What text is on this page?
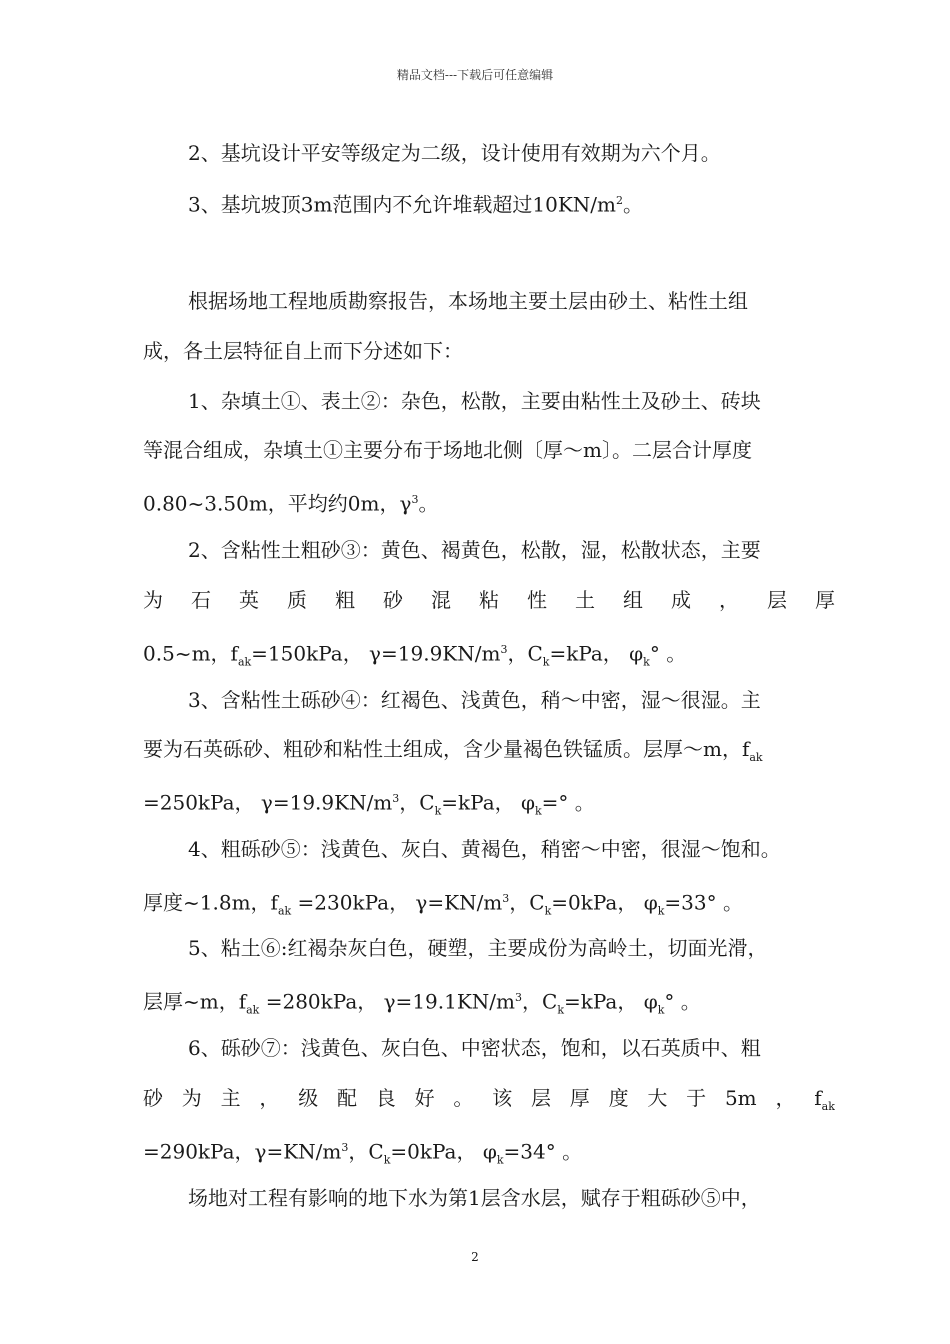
精品文档---下载后可任意编辑
2、基坑设计平安等级定为二级，设计使用有效期为六个月。
3、基坑坡顶3m范围内不允许堆载超过$10KN/m^2$。
根据场地工程地质勘察报告，本场地主要土层由砂土、粘性土组
成，各土层特征自上而下分述如下：
1、杂填土①、表土②：杂色，松散，主要由粘性土及砂土、砖块
等混合组成，杂填土①主要分布于场地北侧〔厚～m〕。二层合计厚度
0.80~3.50m，平均约0m，$\gamma^3$。
2、含粘性土粗砂③：黄色、褐黄色，松散，湿，松散状态，主要
为 石 英 质 粗 砂 混 粘 性 土 组 成 ， 层 厚
0.5~m，$f_{ak}=150kPa$， $\gamma=19.9KN/m^3$，$C_k=kPa$， $\varphi_k^\circ$ 。
3、含粘性土砾砂④：红褐色、浅黄色，稍～中密，湿～很湿。主
要为石英砾砂、粗砂和粘性土组成，含少量褐色铁锰质。层厚～m，$f_{ak}$
=250kPa， $\gamma=19.9KN/m^3$，$C_k=kPa$， $\varphi_k=^\circ$ 。
4、粗砾砂⑤：浅黄色、灰白、黄褐色，稍密～中密，很湿～饱和。
厚度~1.8m，$f_{ak} =230kPa$， $\gamma=KN/m^3$，$C_k=0kPa$， $\varphi_k=33^\circ$ 。
5、粘土⑥:红褐杂灰白色，硬塑，主要成份为高岭土，切面光滑，
层厚~m，$f_{ak} =280kPa$， $\gamma=19.1KN/m^3$，$C_k=kPa$， $\varphi_k^\circ$ 。
6、砾砂⑦：浅黄色、灰白色、中密状态，饱和，以石英质中、粗
砂 为 主 ， 级 配 良 好 。 该 层 厚 度 大 于 5m ， $f_{ak}$
=290kPa，$\gamma=KN/m^3$，$C_k=0kPa$， $\varphi_k=34^\circ$ 。
场地对工程有影响的地下水为第1层含水层，赋存于粗砾砂⑤中，
2
